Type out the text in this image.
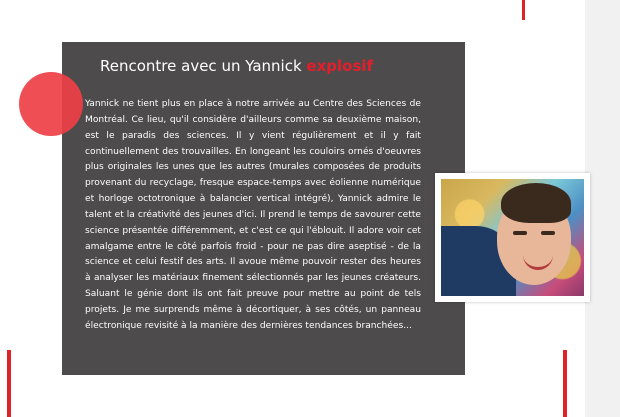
Rencontre avec un Yannick explosif
Yannick ne tient plus en place à notre arrivée au Centre des Sciences de Montréal. Ce lieu, qu'il considère d'ailleurs comme sa deuxième maison, est le paradis des sciences. Il y vient régulièrement et il y fait continuellement des trouvailles. En longeant les couloirs ornés d'oeuvres plus originales les unes que les autres (murales composées de produits provenant du recyclage, fresque espace-temps avec éolienne numérique et horloge octotronique à balancier vertical intégré), Yannick admire le talent et la créativité des jeunes d'ici. Il prend le temps de savourer cette science présentée différemment, et c'est ce qui l'éblouit. Il adore voir cet amalgame entre le côté parfois froid - pour ne pas dire aseptisé - de la science et celui festif des arts. Il avoue même pouvoir rester des heures à analyser les matériaux finement sélectionnés par les jeunes créateurs. Saluant le génie dont ils ont fait preuve pour mettre au point de tels projets. Je me surprends même à décortiquer, à ses côtés, un panneau électronique revisité à la manière des dernières tendances branchées...
